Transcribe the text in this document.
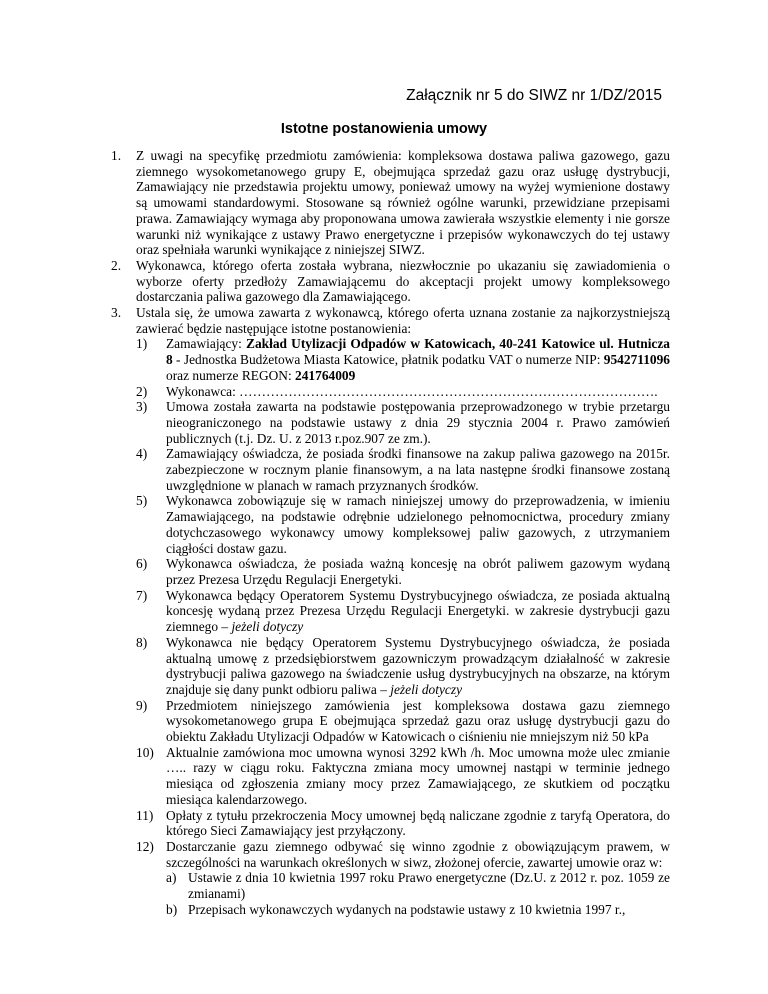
Załącznik nr 5 do SIWZ nr 1/DZ/2015
Istotne postanowienia umowy
1. Z uwagi na specyfikę przedmiotu zamówienia: kompleksowa dostawa paliwa gazowego, gazu ziemnego wysokometanowego grupy E, obejmująca sprzedaż gazu oraz usługę dystrybucji, Zamawiający nie przedstawia projektu umowy, ponieważ umowy na wyżej wymienione dostawy są umowami standardowymi. Stosowane są również ogólne warunki, przewidziane przepisami prawa. Zamawiający wymaga aby proponowana umowa zawierała wszystkie elementy i nie gorsze warunki niż wynikające z ustawy Prawo energetyczne i przepisów wykonawczych do tej ustawy oraz spełniała warunki wynikające z niniejszej SIWZ.
2. Wykonawca, którego oferta została wybrana, niezwłocznie po ukazaniu się zawiadomienia o wyborze oferty przedłoży Zamawiającemu do akceptacji projekt umowy kompleksowego dostarczania paliwa gazowego dla Zamawiającego.
3. Ustala się, że umowa zawarta z wykonawcą, którego oferta uznana zostanie za najkorzystniejszą zawierać będzie następujące istotne postanowienia:
1) Zamawiający: Zakład Utylizacji Odpadów w Katowicach, 40-241 Katowice ul. Hutnicza 8 - Jednostka Budżetowa Miasta Katowice, płatnik podatku VAT o numerze NIP: 9542711096 oraz numerze REGON: 241764009
2) Wykonawca: ………………………………………………………………………………….
3) Umowa została zawarta na podstawie postępowania przeprowadzonego w trybie przetargu nieograniczonego na podstawie ustawy z dnia 29 stycznia 2004 r. Prawo zamówień publicznych (t.j. Dz. U. z 2013 r.poz.907 ze zm.).
4) Zamawiający oświadcza, że posiada środki finansowe na zakup paliwa gazowego na 2015r. zabezpieczone w rocznym planie finansowym, a na lata następne środki finansowe zostaną uwzględnione w planach w ramach przyznanych środków.
5) Wykonawca zobowiązuje się w ramach niniejszej umowy do przeprowadzenia, w imieniu Zamawiającego, na podstawie odrębnie udzielonego pełnomocnictwa, procedury zmiany dotychczasowego wykonawcy umowy kompleksowej paliw gazowych, z utrzymaniem ciągłości dostaw gazu.
6) Wykonawca oświadcza, że posiada ważną koncesję na obrót paliwem gazowym wydaną przez Prezesa Urzędu Regulacji Energetyki.
7) Wykonawca będący Operatorem Systemu Dystrybucyjnego oświadcza, ze posiada aktualną koncesję wydaną przez Prezesa Urzędu Regulacji Energetyki. w zakresie dystrybucji gazu ziemnego – jeżeli dotyczy
8) Wykonawca nie będący Operatorem Systemu Dystrybucyjnego oświadcza, że posiada aktualną umowę z przedsiębiorstwem gazowniczym prowadzącym działalność w zakresie dystrybucji paliwa gazowego na świadczenie usług dystrybucyjnych na obszarze, na którym znajduje się dany punkt odbioru paliwa – jeżeli dotyczy
9) Przedmiotem niniejszego zamówienia jest kompleksowa dostawa gazu ziemnego wysokometanowego grupa E obejmująca sprzedaż gazu oraz usługę dystrybucji gazu do obiektu Zakładu Utylizacji Odpadów w Katowicach o ciśnieniu nie mniejszym niż 50 kPa
10) Aktualnie zamówiona moc umowna wynosi 3292 kWh /h. Moc umowna może ulec zmianie ….. razy w ciągu roku. Faktyczna zmiana mocy umownej nastąpi w terminie jednego miesiąca od zgłoszenia zmiany mocy przez Zamawiającego, ze skutkiem od początku miesiąca kalendarzowego.
11) Opłaty z tytułu przekroczenia Mocy umownej będą naliczane zgodnie z taryfą Operatora, do którego Sieci Zamawiający jest przyłączony.
12) Dostarczanie gazu ziemnego odbywać się winno zgodnie z obowiązującym prawem, w szczególności na warunkach określonych w siwz, złożonej ofercie, zawartej umowie oraz w:
a) Ustawie z dnia 10 kwietnia 1997 roku Prawo energetyczne (Dz.U. z 2012 r. poz. 1059 ze zmianami)
b) Przepisach wykonawczych wydanych na podstawie ustawy z 10 kwietnia 1997 r.,
